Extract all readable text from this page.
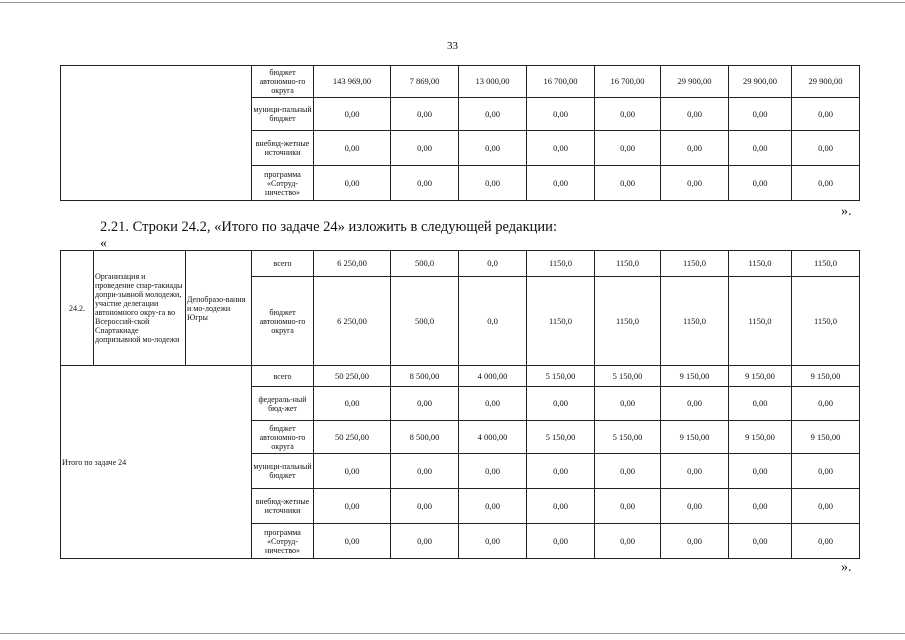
33
	бюджет автономно-го округа	143 969,00	7 869,00	13 000,00	16 700,00	16 700,00	29 900,00	29 900,00	29 900,00
	муници-пальный бюджет	0,00	0,00	0,00	0,00	0,00	0,00	0,00	0,00
	внебюд-жетные источники	0,00	0,00	0,00	0,00	0,00	0,00	0,00	0,00
	программа «Сотруд-ничество»	0,00	0,00	0,00	0,00	0,00	0,00	0,00	0,00
».
2.21. Строки 24.2, «Итого по задаче 24» изложить в следующей редакции:
«
24.2.	Организация и проведение спар-такиады допри-зывной молодежи, участие делегации автономного окру-га во Всероссий-ской Спартакиаде допризывной мо-лодежи	Депобразо-вания и мо-лодежи Югры	всего	6 250,00	500,0	0,0	1150,0	1150,0	1150,0	1150,0	1150,0
			бюджет автономно-го округа	6 250,00	500,0	0,0	1150,0	1150,0	1150,0	1150,0	1150,0
Итого по задаче 24			всего	50 250,00	8 500,00	4 000,00	5 150,00	5 150,00	9 150,00	9 150,00	9 150,00
			федераль-ный бюд-жет	0,00	0,00	0,00	0,00	0,00	0,00	0,00	0,00
			бюджет автономно-го округа	50 250,00	8 500,00	4 000,00	5 150,00	5 150,00	9 150,00	9 150,00	9 150,00
			муници-пальный бюджет	0,00	0,00	0,00	0,00	0,00	0,00	0,00	0,00
			внебюд-жетные источники	0,00	0,00	0,00	0,00	0,00	0,00	0,00	0,00
			программа «Сотруд-ничество»	0,00	0,00	0,00	0,00	0,00	0,00	0,00	0,00
».
